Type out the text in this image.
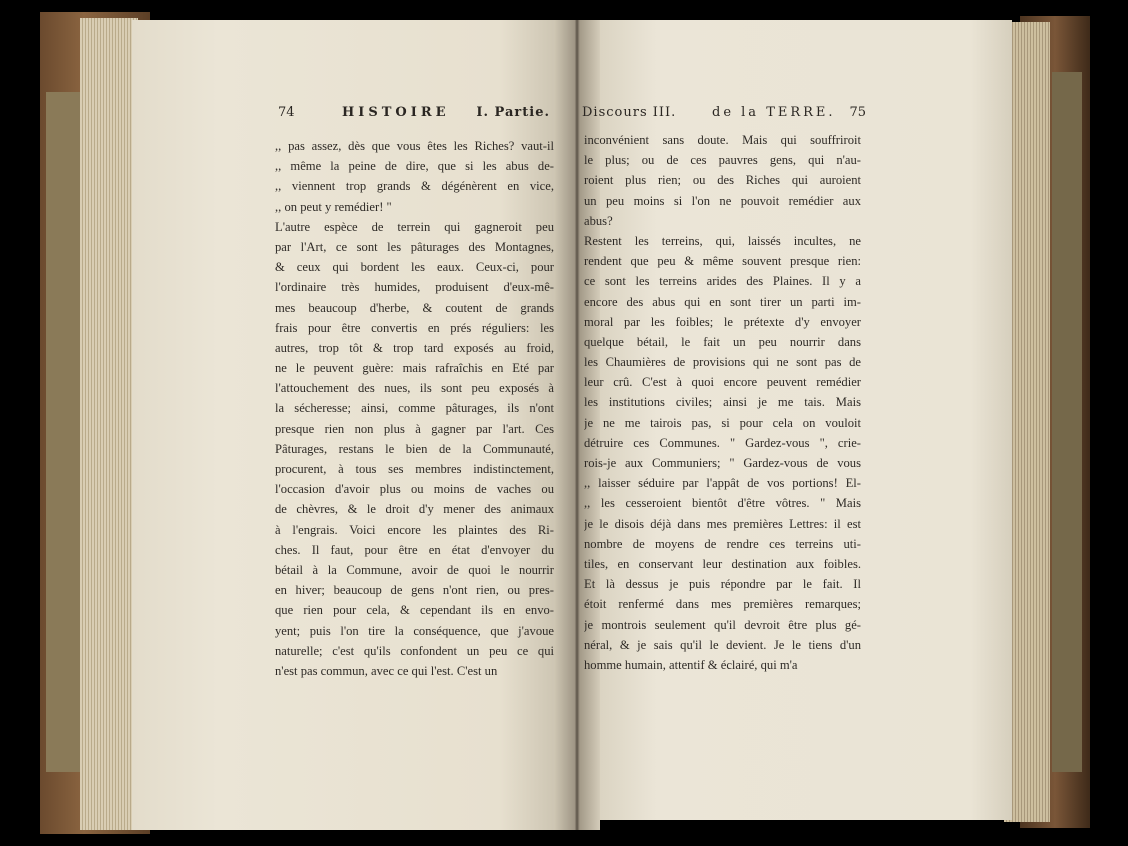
74	HISTOIRE I. Partie. Discours III.	de la TERRE. 75
,, pas assez, dès que vous êtes les Riches? vaut-il
,, même la peine de dire, que si les abus de-
,, viennent trop grands & dégénèrent en vice,
,, on peut y remédier! "
L'autre espèce de terrein qui gagneroit peu
par l'Art, ce sont les pâturages des Montagnes,
& ceux qui bordent les eaux. Ceux-ci, pour
l'ordinaire très humides, produisent d'eux-mê-
mes beaucoup d'herbe, & coutent de grands
frais pour être convertis en prés réguliers: les
autres, trop tôt & trop tard exposés au froid,
ne le peuvent guère: mais rafraîchis en Eté par
l'attouchement des nues, ils sont peu exposés à
la sécheresse; ainsi, comme pâturages, ils n'ont
presque rien non plus à gagner par l'art. Ces
Pâturages, restans le bien de la Communauté,
procurent, à tous ses membres indistinctement,
l'occasion d'avoir plus ou moins de vaches ou
de chèvres, & le droit d'y mener des animaux
à l'engrais. Voici encore les plaintes des Ri-
ches. Il faut, pour être en état d'envoyer du
bétail à la Commune, avoir de quoi le nourrir
en hiver; beaucoup de gens n'ont rien, ou pres-
que rien pour cela, & cependant ils en envo-
yent; puis l'on tire la conséquence, que j'avoue
naturelle; c'est qu'ils confondent un peu ce qui
n'est pas commun, avec ce qui l'est. C'est un
inconvénient sans doute. Mais qui souffriroit
le plus; ou de ces pauvres gens, qui n'au-
roient plus rien; ou des Riches qui auroient
un peu moins si l'on ne pouvoit remédier aux
abus?
Restent les terreins, qui, laissés incultes, ne
rendent que peu & même souvent presque rien:
ce sont les terreins arides des Plaines. Il y a
encore des abus qui en sont tirer un parti im-
moral par les foibles; le prétexte d'y envoyer
quelque bétail, le fait un peu nourrir dans
les Chaumières de provisions qui ne sont pas de
leur crû. C'est à quoi encore peuvent remédier
les institutions civiles; ainsi je me tais. Mais
je ne me tairois pas, si pour cela on vouloit
détruire ces Communes. " Gardez-vous ", crie-
rois-je aux Communiers; " Gardez-vous de vous
,, laisser séduire par l'appât de vos portions! El-
,, les cesseroient bientôt d'être vôtres. " Mais
je le disois déjà dans mes premières Lettres: il est
nombre de moyens de rendre ces terreins uti-
tiles, en conservant leur destination aux foibles.
Et là dessus je puis répondre par le fait. Il
étoit renfermé dans mes premières remarques;
je montrois seulement qu'il devroit être plus gé-
néral, & je sais qu'il le devient. Je le tiens d'un
homme humain, attentif & éclairé, qui m'a
